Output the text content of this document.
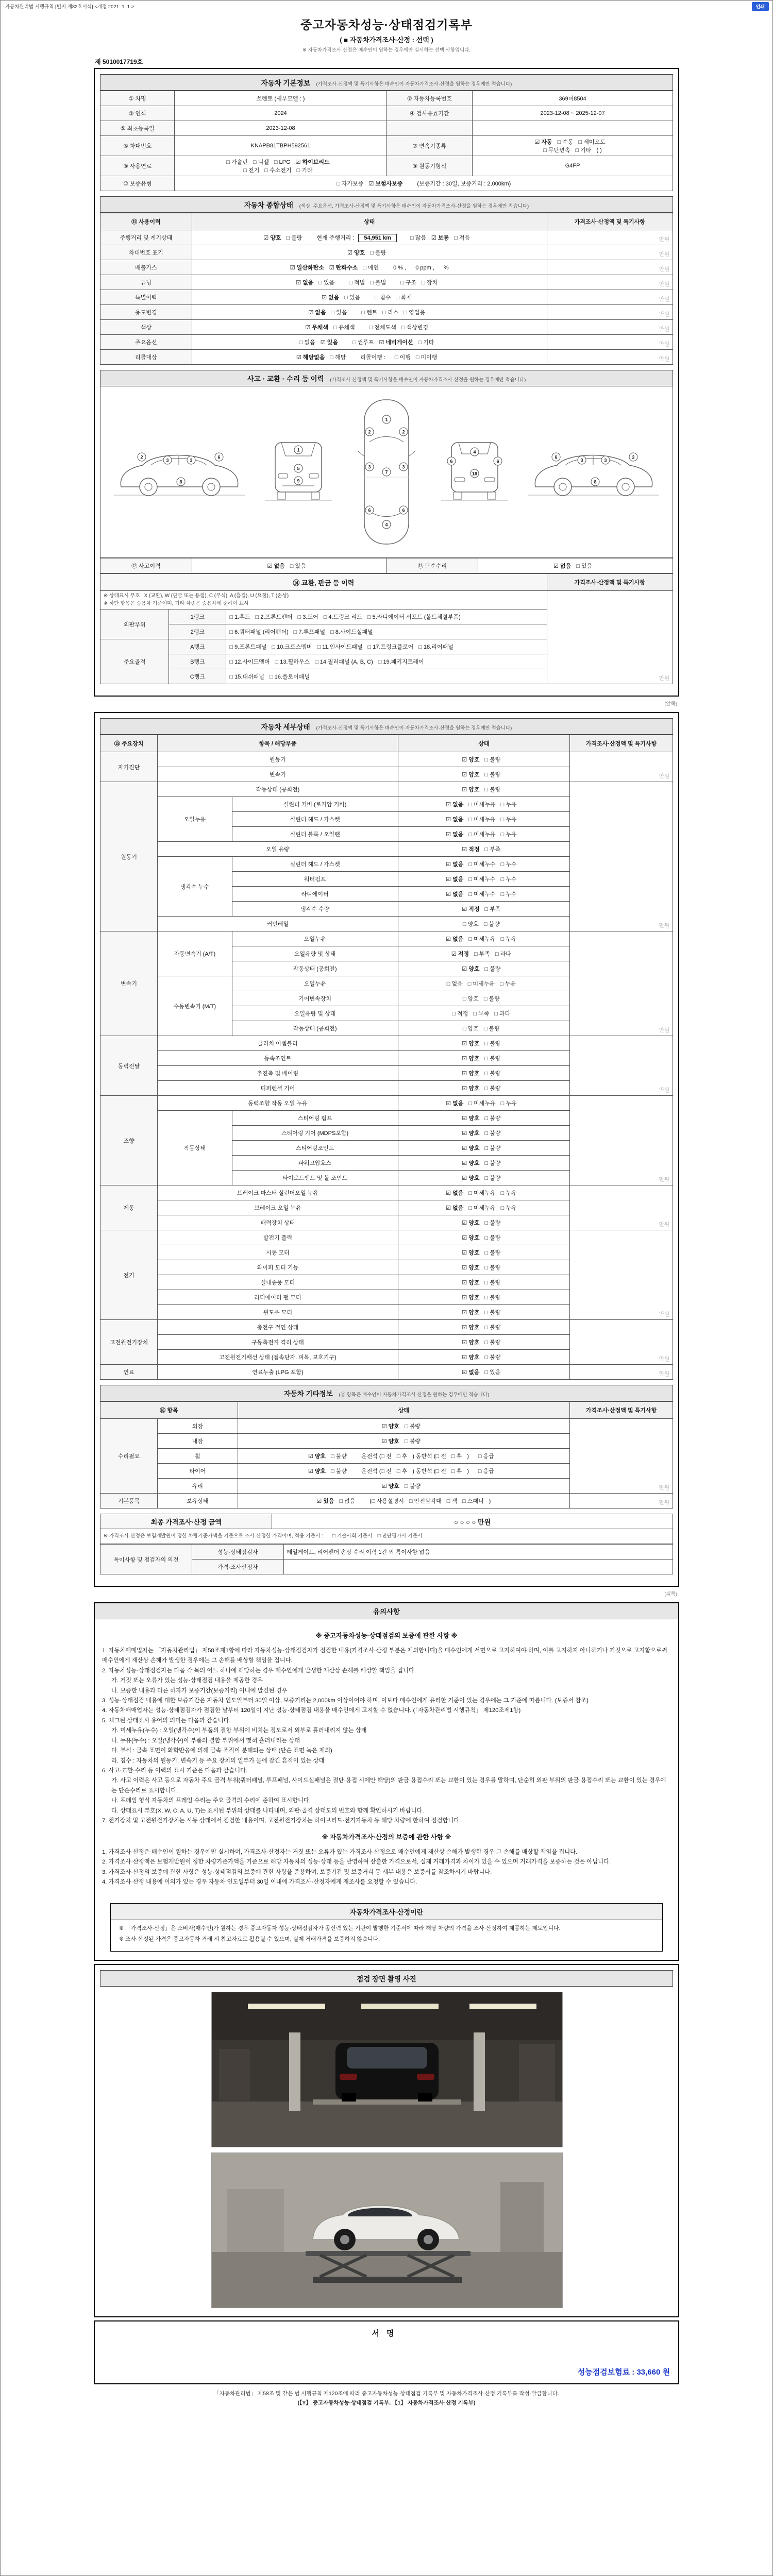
자동차관리법 시행규칙 [별지 제82호서식] <개정 2021. 1. 1.>	인쇄
중고자동차성능·상태점검기록부
( ■ 자동차가격조사·산정 : 선택 )
※ 자동차가격조사·산정은 매수인이 원하는 경우에만 실시하는 선택 사항입니다.
제 5010017719호
자동차 기본정보 (가격조사·산정액 및 특기사항은 매수인이 자동차가격조사·산정을 원하는 경우에만 적습니다)
① 차명	쏘렌토 (세부모델 : )	② 자동차등록번호	369머8504
③ 연식	2024	④ 검사유효기간	2023-12-08 ~ 2025-12-07
⑤ 최초등록일	2023-12-08		
⑥ 차대번호	KNAPB81TBPH592561	⑦ 변속기종류	☑ 자동 □ 수동 □ 세미오토
□ 무단변속 □ 기타 ( )
⑧ 사용연료	□ 가솔린 □ 디젤 □ LPG ☑ 하이브리드
□ 전기 □ 수소전기 □ 기타	⑨ 원동기형식	G4FP
⑩ 보증유형	□ 자가보증 ☑ 보험사보증 (보증기간 : 30일, 보증거리 : 2,000km)		
자동차 종합상태 (색상, 주요옵션, 가격조사·산정액 및 특기사항은 매수인이 자동차가격조사·산정을 원하는 경우에만 적습니다)
⑪ 사용이력	상태	가격조사·산정액 및 특기사항
주행거리 및 계기상태	☑ 양호 □ 불량 현재 주행거리 : 54,951 km □ 많음 ☑ 보통 □ 적음	만원
차대번호 표기	☑ 양호 □ 불량	만원
배출가스	☑ 일산화탄소 ☑ 탄화수소 □ 매연 0 % , 0 ppm , %	만원
튜닝	☑ 없음 □ 있음 □ 적법 □ 불법 □ 구조 □ 장치	만원
특별이력	☑ 없음 □ 있음 □ 침수 □ 화재	만원
용도변경	☑ 없음 □ 있음 □ 렌트 □ 리스 □ 영업용	만원
색상	☑ 무채색 □ 유채색 □ 전체도색 □ 색상변경	만원
주요옵션	□ 없음 ☑ 있음 □ 썬루프 ☑ 네비게이션 □ 기타	만원
리콜대상	☑ 해당없음 □ 해당 리콜이행 : □ 이행 □ 미이행	만원
사고 · 교환 · 수리 등 이력 (가격조사·산정액 및 특기사항은 매수인이 자동차가격조사·산정을 원하는 경우에만 적습니다)
2
3	3
6
8
1
5
9
1
7
4
2	2
3	3
6	6
4
18
6	6
6
3	3
2
8
⑫ 사고이력	☑ 없음 □ 있음	⑬ 단순수리	☑ 없음 □ 있음
⑭ 교환, 판금 등 이력			가격조사·산정액 및 특기사항
※ 상태표시 부호 : X (교환), W (판금 또는 용접), C (부식), A (흠집), U (요철), T (손상)
※ 하단 항목은 승용차 기준이며, 기타 차종은 승용차에 준하여 표시			만원
외판부위	1랭크	□ 1.후드 □ 2.프론트펜더 □ 3.도어 □ 4.트렁크 리드 □ 5.라디에이터 서포트 (볼트체결부품)	
	2랭크	□ 6.쿼터패널 (리어펜더) □ 7.루프패널 □ 8.사이드실패널	
주요골격	A랭크	□ 9.프론트패널 □ 10.크로스멤버 □ 11.인사이드패널 □ 17.트렁크플로어 □ 18.리어패널	
	B랭크	□ 12.사이드멤버 □ 13.휠하우스 □ 14.필러패널 (A, B, C) □ 19.패키지트레이	
	C랭크	□ 15.대쉬패널 □ 16.플로어패널	
(앞쪽)
자동차 세부상태 (가격조사·산정액 및 특기사항은 매수인이 자동차가격조사·산정을 원하는 경우에만 적습니다)
⑮ 주요장치	항목 / 해당부품		상태	가격조사·산정액 및 특기사항
자기진단	원동기		☑ 양호 □ 불량	만원
	변속기		☑ 양호 □ 불량	
원동기	작동상태 (공회전)		☑ 양호 □ 불량	만원
	오일누유	실린더 커버 (로커암 커버)	☑ 없음 □ 미세누유 □ 누유	
		실린더 헤드 / 가스켓	☑ 없음 □ 미세누유 □ 누유	
		실린더 블록 / 오일팬	☑ 없음 □ 미세누유 □ 누유	
	오일 유량		☑ 적정 □ 부족	
	냉각수 누수	실린더 헤드 / 가스켓	☑ 없음 □ 미세누수 □ 누수	
		워터펌프	☑ 없음 □ 미세누수 □ 누수	
		라디에이터	☑ 없음 □ 미세누수 □ 누수	
		냉각수 수량	☑ 적정 □ 부족	
	커먼레일		□ 양호 □ 불량	
변속기	자동변속기 (A/T)	오일누유	☑ 없음 □ 미세누유 □ 누유	만원
		오일유량 및 상태	☑ 적정 □ 부족 □ 과다	
		작동상태 (공회전)	☑ 양호 □ 불량	
	수동변속기 (M/T)	오일누유	□ 없음 □ 미세누유 □ 누유	
		기어변속장치	□ 양호 □ 불량	
		오일유량 및 상태	□ 적정 □ 부족 □ 과다	
		작동상태 (공회전)	□ 양호 □ 불량	
동력전달	클러치 어셈블리		☑ 양호 □ 불량	만원
	등속조인트		☑ 양호 □ 불량	
	추진축 및 베어링		☑ 양호 □ 불량	
	디퍼렌셜 기어		☑ 양호 □ 불량	
조향	동력조향 작동 오일 누유		☑ 없음 □ 미세누유 □ 누유	만원
	작동상태	스티어링 펌프	☑ 양호 □ 불량	
		스티어링 기어 (MDPS포함)	☑ 양호 □ 불량	
		스티어링조인트	☑ 양호 □ 불량	
		파워고압호스	☑ 양호 □ 불량	
		타이로드엔드 및 볼 조인트	☑ 양호 □ 불량	
제동	브레이크 마스터 실린더오일 누유		☑ 없음 □ 미세누유 □ 누유	만원
	브레이크 오일 누유		☑ 없음 □ 미세누유 □ 누유	
	배력장치 상태		☑ 양호 □ 불량	
전기	발전기 출력		☑ 양호 □ 불량	만원
	시동 모터		☑ 양호 □ 불량	
	와이퍼 모터 기능		☑ 양호 □ 불량	
	실내송풍 모터		☑ 양호 □ 불량	
	라디에이터 팬 모터		☑ 양호 □ 불량	
	윈도우 모터		☑ 양호 □ 불량	
고전원전기장치	충전구 절연 상태		☑ 양호 □ 불량	만원
	구동축전지 격리 상태		☑ 양호 □ 불량	
	고전원전기배선 상태 (접속단자, 피복, 보호기구)		☑ 양호 □ 불량	
연료	연료누출 (LPG 포함)		☑ 없음 □ 있음	만원
자동차 기타정보 (⑯ 항목은 매수인이 자동차가격조사·산정을 원하는 경우에만 적습니다)
⑯ 항목		상태	가격조사·산정액 및 특기사항
수리필요	외장	☑ 양호 □ 불량	만원
	내장	☑ 양호 □ 불량	
	휠	☑ 양호 □ 불량 운전석 (□ 전 □ 후 ) 동반석 (□ 전 □ 후 ) □ 응급	
	타이어	☑ 양호 □ 불량 운전석 (□ 전 □ 후 ) 동반석 (□ 전 □ 후 ) □ 응급	
	유리	☑ 양호 □ 불량	
기본품목	보유상태	☑ 있음 □ 없음 (□ 사용설명서 □ 안전삼각대 □ 잭 □ 스패너 )	만원
최종 가격조사·산정 금액	○ ○ ○ ○ 만원
※ 가격조사·산정은 보험개발원이 정한 차량기준가액을 기준으로 조사·산정한 가격이며, 적용 기준서 : □ 기술사회 기준서 □ 진단평가사 기준서
특이사항 및 점검자의 의견	성능·상태점검자	테일게이트, 리어펜더 손상 수리 이력 1건 외 특이사항 없음
	가격·조사산정자	
(뒤쪽)
유의사항
※ 중고자동차성능·상태점검의 보증에 관한 사항 ※
1. 자동차매매업자는 「자동차관리법」 제58조제1항에 따라 자동차성능·상태점검자가 점검한 내용(가격조사·산정 부분은 제외합니다)을 매수인에게 서면으로 고지하여야 하며, 이를 고지하지 아니하거나 거짓으로 고지함으로써 매수인에게 재산상 손해가 발생한 경우에는 그 손해를 배상할 책임을 집니다.
2. 자동차성능·상태점검자는 다음 각 목의 어느 하나에 해당하는 경우 매수인에게 발생한 재산상 손해를 배상할 책임을 집니다.
가. 거짓 또는 오류가 있는 성능·상태점검 내용을 제공한 경우
나. 보증한 내용과 다른 하자가 보증기간(보증거리) 이내에 발견된 경우
3. 성능·상태점검 내용에 대한 보증기간은 자동차 인도일부터 30일 이상, 보증거리는 2,000km 이상이어야 하며, 이보다 매수인에게 유리한 기준이 있는 경우에는 그 기준에 따릅니다. (보증서 참조)
4. 자동차매매업자는 성능·상태점검자가 점검한 날부터 120일이 지난 성능·상태점검 내용을 매수인에게 고지할 수 없습니다. (「자동차관리법 시행규칙」 제120조제1항)
5. 체크된 상태표시 용어의 의미는 다음과 같습니다.
가. 미세누유(누수) : 오일(냉각수)이 부품의 결합 부위에 비치는 정도로서 외부로 흘러내리지 않는 상태
나. 누유(누수) : 오일(냉각수)이 부품의 결합 부위에서 맺혀 흘러내리는 상태
다. 부식 : 금속 표면이 화학반응에 의해 금속 조직이 분해되는 상태 (단순 표면 녹은 제외)
라. 침수 : 자동차의 원동기, 변속기 등 주요 장치의 일부가 물에 잠긴 흔적이 있는 상태
6. 사고·교환·수리 등 이력의 표시 기준은 다음과 같습니다.
가. 사고 이력은 사고 등으로 자동차 주요 골격 부위(쿼터패널, 루프패널, 사이드실패널은 절단·용접 시에만 해당)의 판금·용접수리 또는 교환이 있는 경우를 말하며, 단순히 외판 부위의 판금·용접수리 또는 교환이 있는 경우에는 단순수리로 표시합니다.
나. 프레임 형식 자동차의 프레임 수리는 주요 골격의 수리에 준하여 표시합니다.
다. 상태표시 부호(X, W, C, A, U, T)는 표시된 부위의 상태를 나타내며, 외판·골격 상태도의 번호와 함께 확인하시기 바랍니다.
7. 전기장치 및 고전원전기장치는 시동 상태에서 점검한 내용이며, 고전원전기장치는 하이브리드·전기자동차 등 해당 차량에 한하여 점검합니다.
※ 자동차가격조사·산정의 보증에 관한 사항 ※
1. 가격조사·산정은 매수인이 원하는 경우에만 실시하며, 가격조사·산정자는 거짓 또는 오류가 있는 가격조사·산정으로 매수인에게 재산상 손해가 발생한 경우 그 손해를 배상할 책임을 집니다.
2. 가격조사·산정액은 보험개발원이 정한 차량기준가액을 기준으로 해당 자동차의 성능·상태 등을 반영하여 산출한 가격으로서, 실제 거래가격과 차이가 있을 수 있으며 거래가격을 보증하는 것은 아닙니다.
3. 가격조사·산정의 보증에 관한 사항은 성능·상태점검의 보증에 관한 사항을 준용하며, 보증기간 및 보증거리 등 세부 내용은 보증서를 참조하시기 바랍니다.
4. 가격조사·산정 내용에 이의가 있는 경우 자동차 인도일부터 30일 이내에 가격조사·산정자에게 재조사를 요청할 수 있습니다.
자동차가격조사·산정이란
※ 「가격조사·산정」은 소비자(매수인)가 원하는 경우 중고자동차 성능·상태점검자가 공신력 있는 기관이 발행한 기준서에 따라 해당 차량의 가격을 조사·산정하여 제공하는 제도입니다.
※ 조사·산정된 가격은 중고자동차 거래 시 참고자료로 활용될 수 있으며, 실제 거래가격을 보증하지 않습니다.
점검 장면 촬영 사진
서명
성능점검보험료 : 33,660 원
「자동차관리법」 제58조 및 같은 법 시행규칙 제120조에 따라 중고자동차성능·상태점검 기록부 및 자동차가격조사·산정 기록부를 작성·발급합니다.
(【Y】 중고자동차성능·상태점검 기록부, 【1】 자동차가격조사·산정 기록부)
